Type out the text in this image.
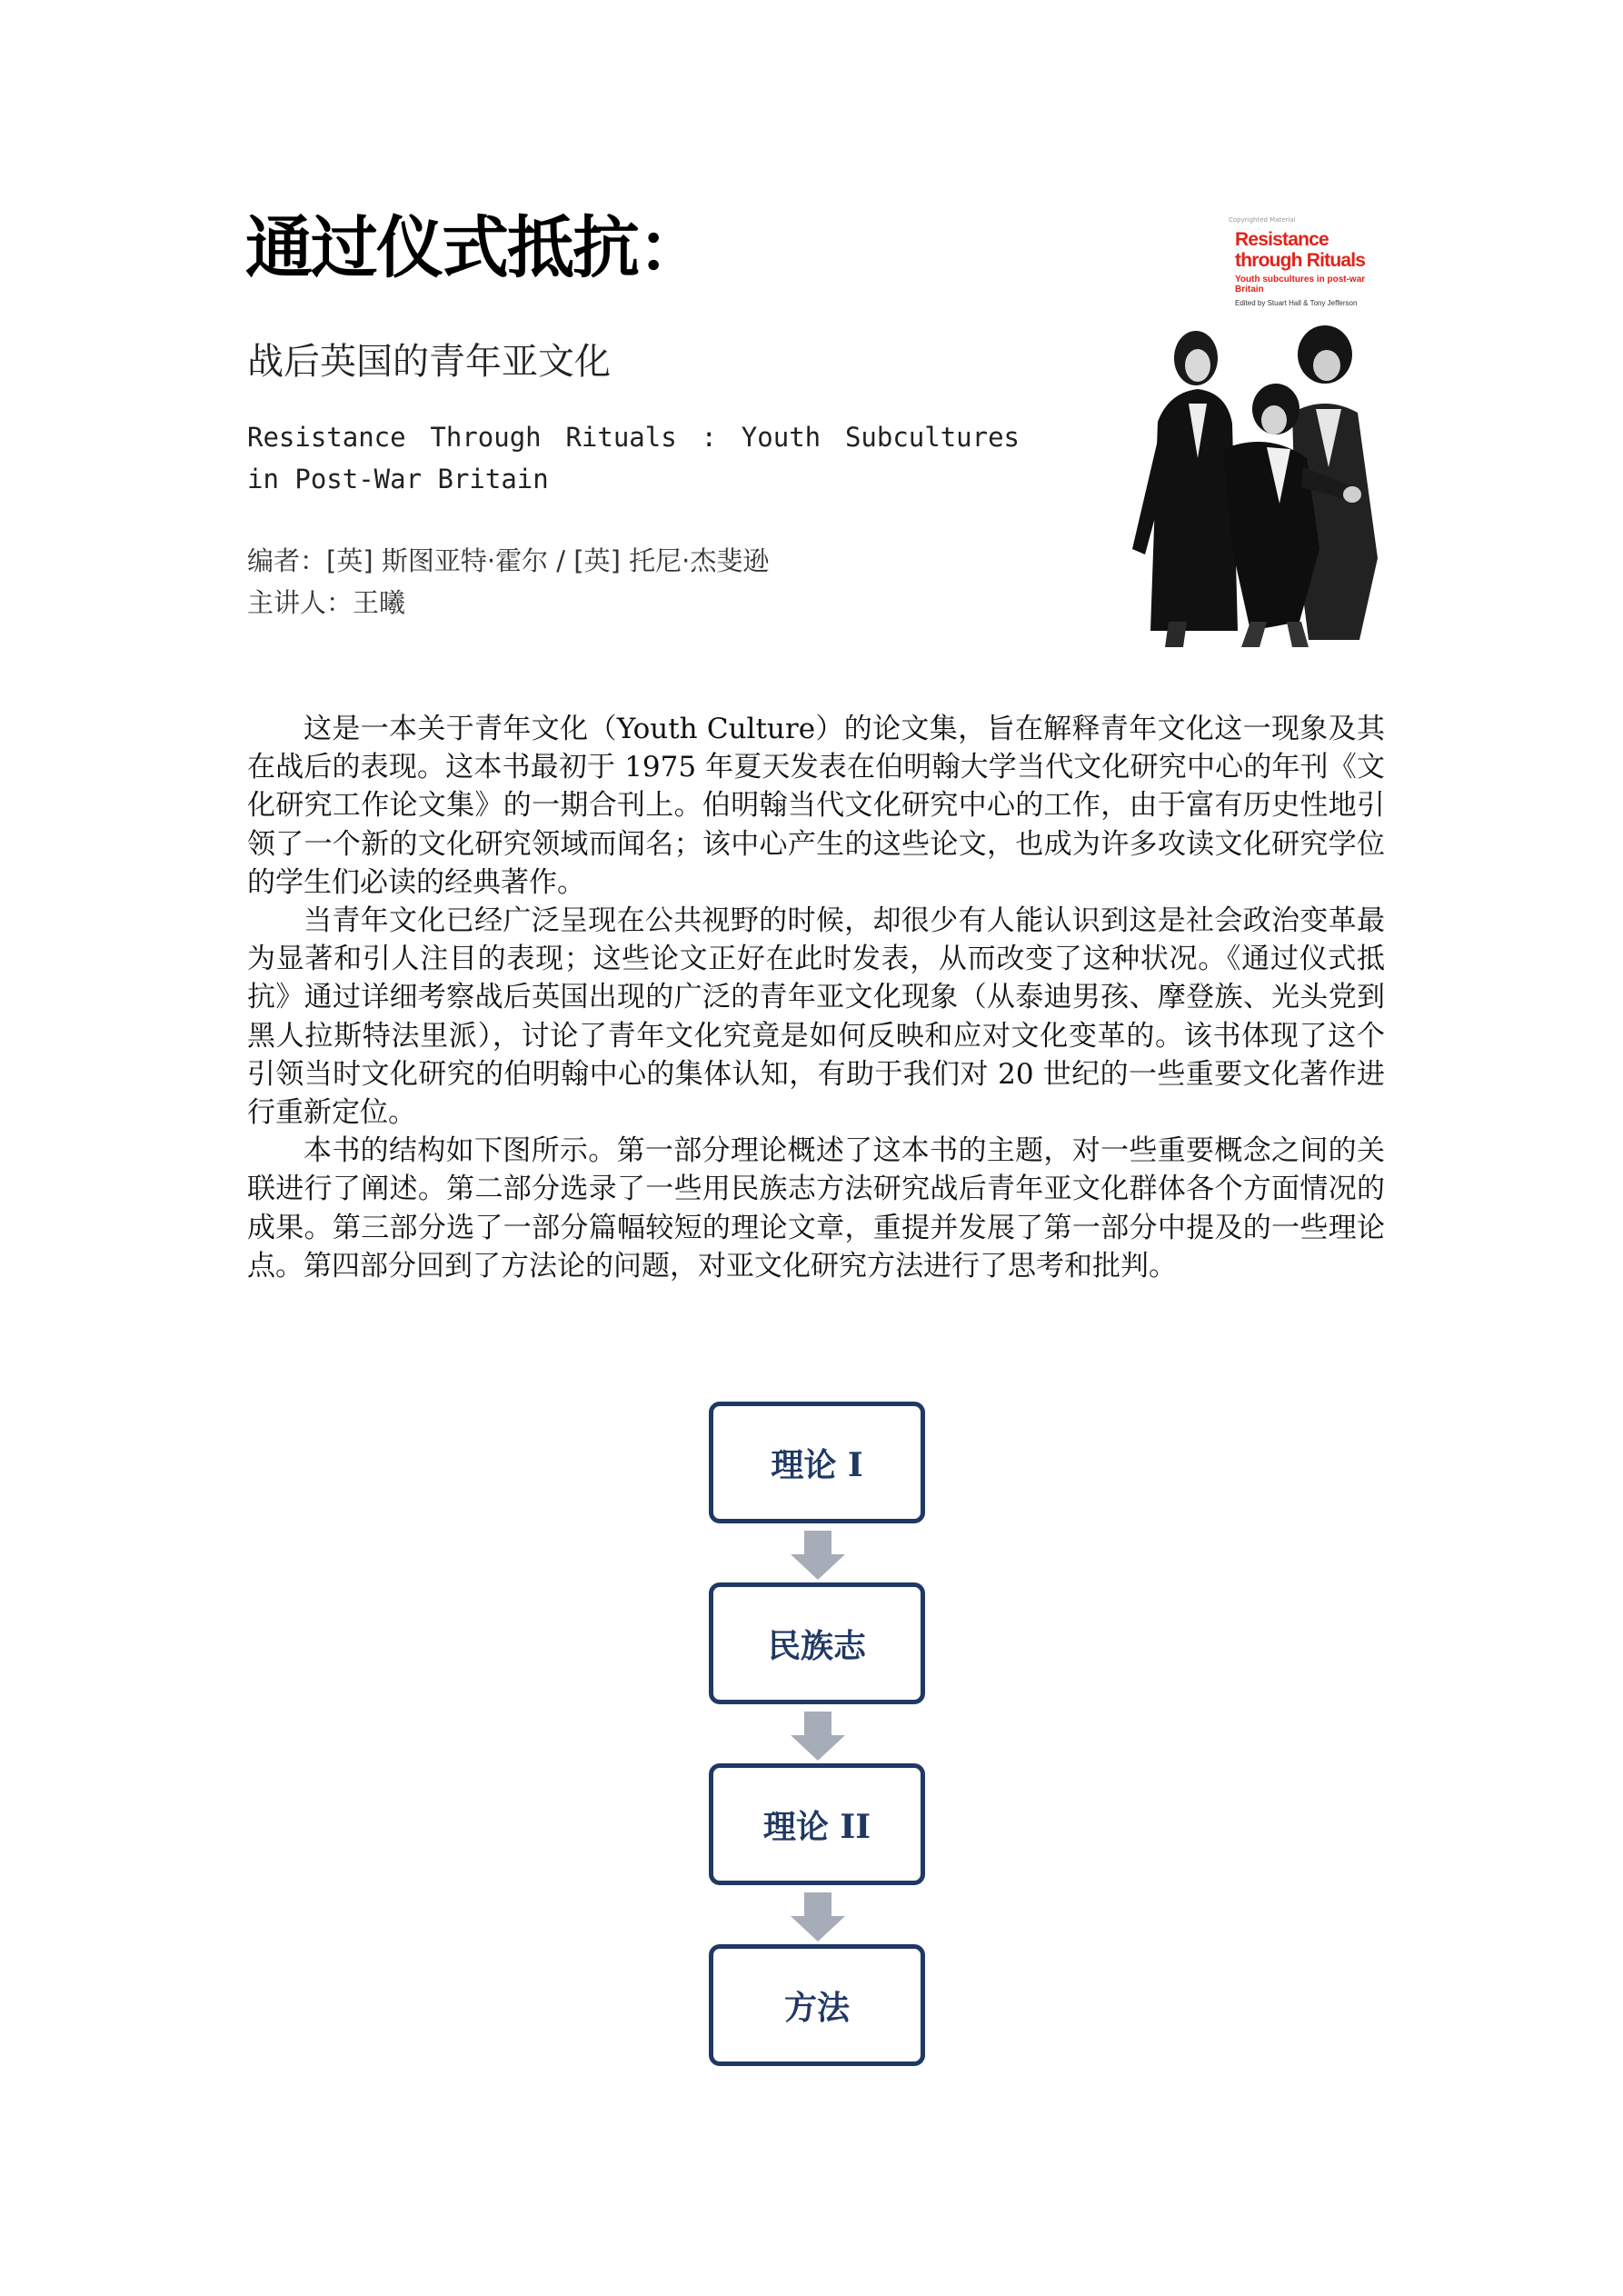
通过仪式抵抗：
战后英国的青年亚文化
Resistance Through Rituals : Youth Subcultures in Post-War Britain
编者：[英] 斯图亚特·霍尔 / [英] 托尼·杰斐逊
主讲人：王曦
Copyrighted Material
Resistance through Rituals
Youth subcultures in post-war Britain
Edited by Stuart Hall & Tony Jefferson

这是一本关于青年文化（Youth Culture）的论文集，旨在解释青年文化这一现象及其在战后的表现。这本书最初于 1975 年夏天发表在伯明翰大学当代文化研究中心的年刊《文化研究工作论文集》的一期合刊上。伯明翰当代文化研究中心的工作，由于富有历史性地引领了一个新的文化研究领域而闻名；该中心产生的这些论文，也成为许多攻读文化研究学位的学生们必读的经典著作。

当青年文化已经广泛呈现在公共视野的时候，却很少有人能认识到这是社会政治变革最为显著和引人注目的表现；这些论文正好在此时发表，从而改变了这种状况。《通过仪式抵抗》通过详细考察战后英国出现的广泛的青年亚文化现象（从泰迪男孩、摩登族、光头党到黑人拉斯特法里派），讨论了青年文化究竟是如何反映和应对文化变革的。该书体现了这个引领当时文化研究的伯明翰中心的集体认知，有助于我们对 20 世纪的一些重要文化著作进行重新定位。

本书的结构如下图所示。第一部分理论概述了这本书的主题，对一些重要概念之间的关联进行了阐述。第二部分选录了一些用民族志方法研究战后青年亚文化群体各个方面情况的成果。第三部分选了一部分篇幅较短的理论文章，重提并发展了第一部分中提及的一些理论点。第四部分回到了方法论的问题，对亚文化研究方法进行了思考和批判。

理论 I
民族志
理论 II
方法
